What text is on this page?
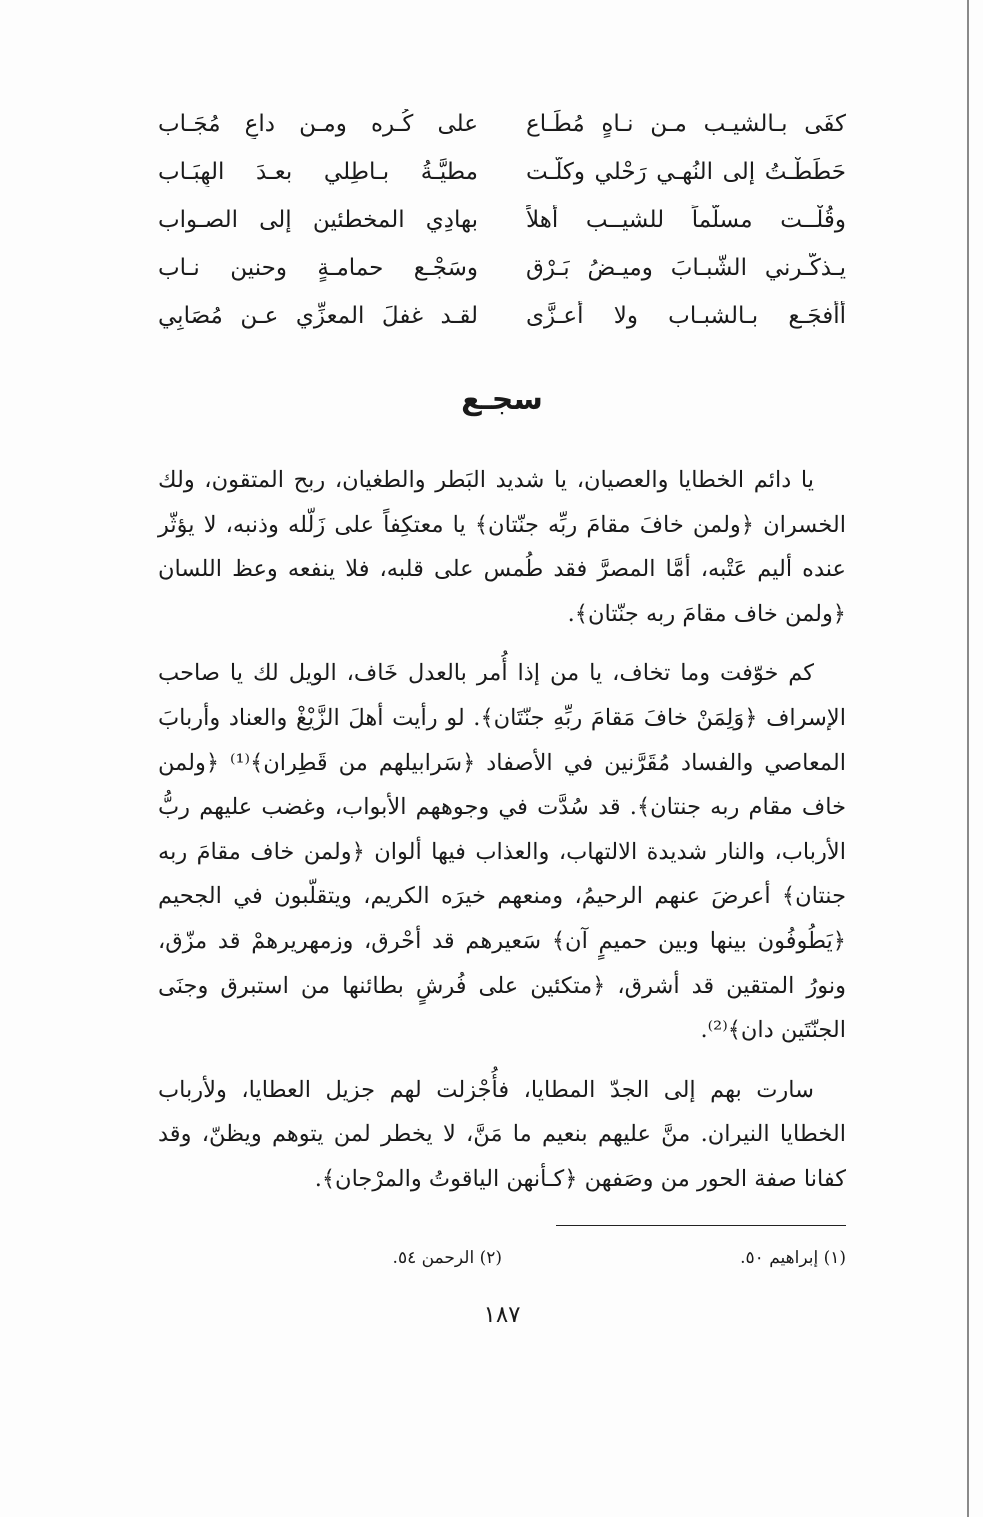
كفَى بـالشيـب مـن نـاهٍ مُطَـاع
على كُـره ومـن داعٍ مُجَـاب
حَطَطْـتُ إلى النُهـي رَحْلي وكلّـت
مطيَّـةُ بـاطِلي بعـدَ الهِبَـاب
وقُلْــت مسلّماً للشيــب أهلاً
بهادِي المخطئين إلى الصـواب
يـذكّـرني الشّبـابَ وميـضُ بَـرْق
وسَجْـع حمامـةٍ وحنين نـاب
أأفجَـع بـالشبـاب ولا أُعـزَّى
لقـد غفلَ المعزِّي عـن مُصَابِي
سجـع

يا دائم الخطايا والعصيان، يا شديد البَطر والطغيان، ربح المتقون، ولك الخسران ﴿ولمن خافَ مقامَ ربِّه جنّتان﴾ يا معتكِفاً على زَلّله وذنبه، لا يؤثّر عنده أليم عَتْبه، أمَّا المصرَّ فقد طُمس على قلبه، فلا ينفعه وعظ اللسان ﴿ولمن خاف مقامَ ربه جنّتان﴾.

كم خوّفت وما تخاف، يا من إذا أُمر بالعدل خَاف، الويل لك يا صاحب الإسراف ﴿وَلِمَنْ خافَ مَقامَ ربِّهِ جنّتَان﴾. لو رأيت أهلَ الزَّيْغْ والعناد وأربابَ المعاصي والفساد مُقَرَّنين في الأصفاد ﴿سَرابيلهم من قَطِران﴾⁽¹⁾ ﴿ولمن خاف مقام ربه جنتان﴾. قد سُدَّت في وجوههم الأبواب، وغضب عليهم ربُّ الأرباب، والنار شديدة الالتهاب، والعذاب فيها ألوان ﴿ولمن خاف مقامَ ربه جنتان﴾ أعرضَ عنهم الرحيمُ، ومنعهم خيرَه الكريم، ويتقلّبون في الجحيم ﴿يَطُوفُون بينها وبين حميمٍ آن﴾ سَعيرهم قد أحْرق، وزمهريرهمْ قد مزّق، ونورُ المتقين قد أشرق، ﴿متكئين على فُرشٍ بطائنها من استبرق وجنَى الجنّتَين دان﴾⁽²⁾.

سارت بهم إلى الجدّ المطايا، فأُجْزلت لهم جزيل العطايا، ولأرباب الخطايا النيران. منَّ عليهم بنعيم ما مَنَّ، لا يخطر لمن يتوهم ويظنّ، وقد كفانا صفة الحور من وصَفهن ﴿كـأنهن الياقوتُ والمرْجان﴾.

(١) إبراهيم ٥٠.
(٢) الرحمن ٥٤.
١٨٧
